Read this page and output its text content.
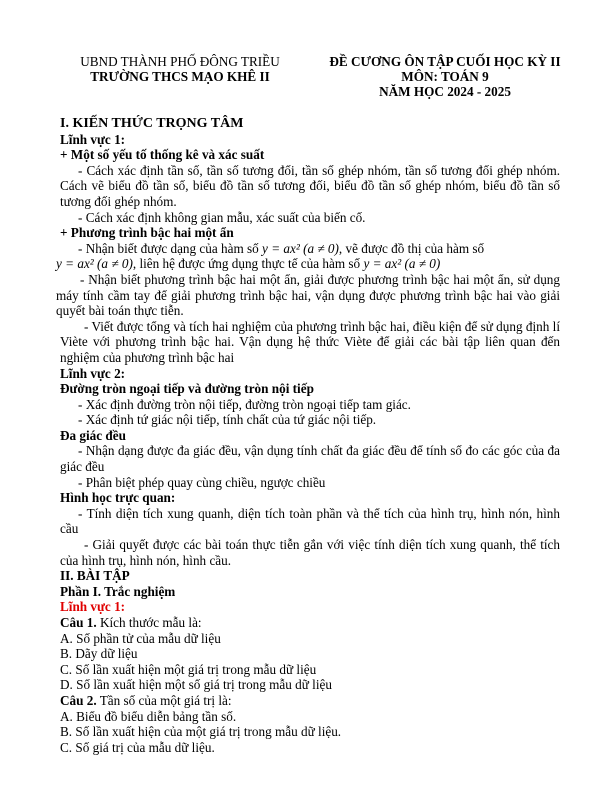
UBND THÀNH PHỐ ĐÔNG TRIỀU
TRƯỜNG THCS MẠO KHÊ II
ĐỀ CƯƠNG ÔN TẬP CUỐI HỌC KỲ II
MÔN: TOÁN 9
NĂM HỌC 2024 - 2025

I. KIẾN THỨC TRỌNG TÂM

Lĩnh vực 1:

+ Một số yếu tố thống kê và xác suất

- Cách xác định tần số, tần số tương đối, tần số ghép nhóm, tần số tương đối ghép nhóm. Cách vẽ biểu đồ tần số, biểu đồ tần số tương đối, biểu đồ tần số ghép nhóm, biểu đồ tần số tương đối ghép nhóm.

- Cách xác định không gian mẫu, xác suất của biến cố.

+ Phương trình bậc hai một ẩn

- Nhận biết được dạng của hàm số y = ax² (a ≠ 0), vẽ được đồ thị của hàm số

y = ax² (a ≠ 0), liên hệ được ứng dụng thực tế của hàm số y = ax² (a ≠ 0)

- Nhận biết phương trình bậc hai một ẩn, giải được phương trình bậc hai một ẩn, sử dụng máy tính cầm tay để giải phương trình bậc hai, vận dụng được phương trình bậc hai vào giải quyết bài toán thực tiễn.

- Viết được tổng và tích hai nghiệm của phương trình bậc hai, điều kiện để sử dụng định lí Viète với phương trình bậc hai. Vận dụng hệ thức Viète để giải các bài tập liên quan đến nghiệm của phương trình bậc hai

Lĩnh vực 2:

Đường tròn ngoại tiếp và đường tròn nội tiếp

- Xác định đường tròn nội tiếp, đường tròn ngoại tiếp tam giác.

- Xác định tứ giác nội tiếp, tính chất của tứ giác nội tiếp.

Đa giác đều

- Nhận dạng được đa giác đều, vận dụng tính chất đa giác đều để tính số đo các góc của đa giác đều

- Phân biệt phép quay cùng chiều, ngược chiều

Hình học trực quan:

- Tính diện tích xung quanh, diện tích toàn phần và thể tích của hình trụ, hình nón, hình cầu

- Giải quyết được các bài toán thực tiễn gắn với việc tính diện tích xung quanh, thể tích của hình trụ, hình nón, hình cầu.

II. BÀI TẬP

Phần I. Trắc nghiệm

Lĩnh vực 1:

Câu 1. Kích thước mẫu là:

A. Số phần tử của mẫu dữ liệu

B. Dãy dữ liệu

C. Số lần xuất hiện một giá trị trong mẫu dữ liệu

D. Số lần xuất hiện một số giá trị trong mẫu dữ liệu

Câu 2. Tần số của một giá trị là:

A. Biểu đồ biểu diễn bảng tần số.

B. Số lần xuất hiện của một giá trị trong mẫu dữ liệu.

C. Số giá trị của mẫu dữ liệu.
